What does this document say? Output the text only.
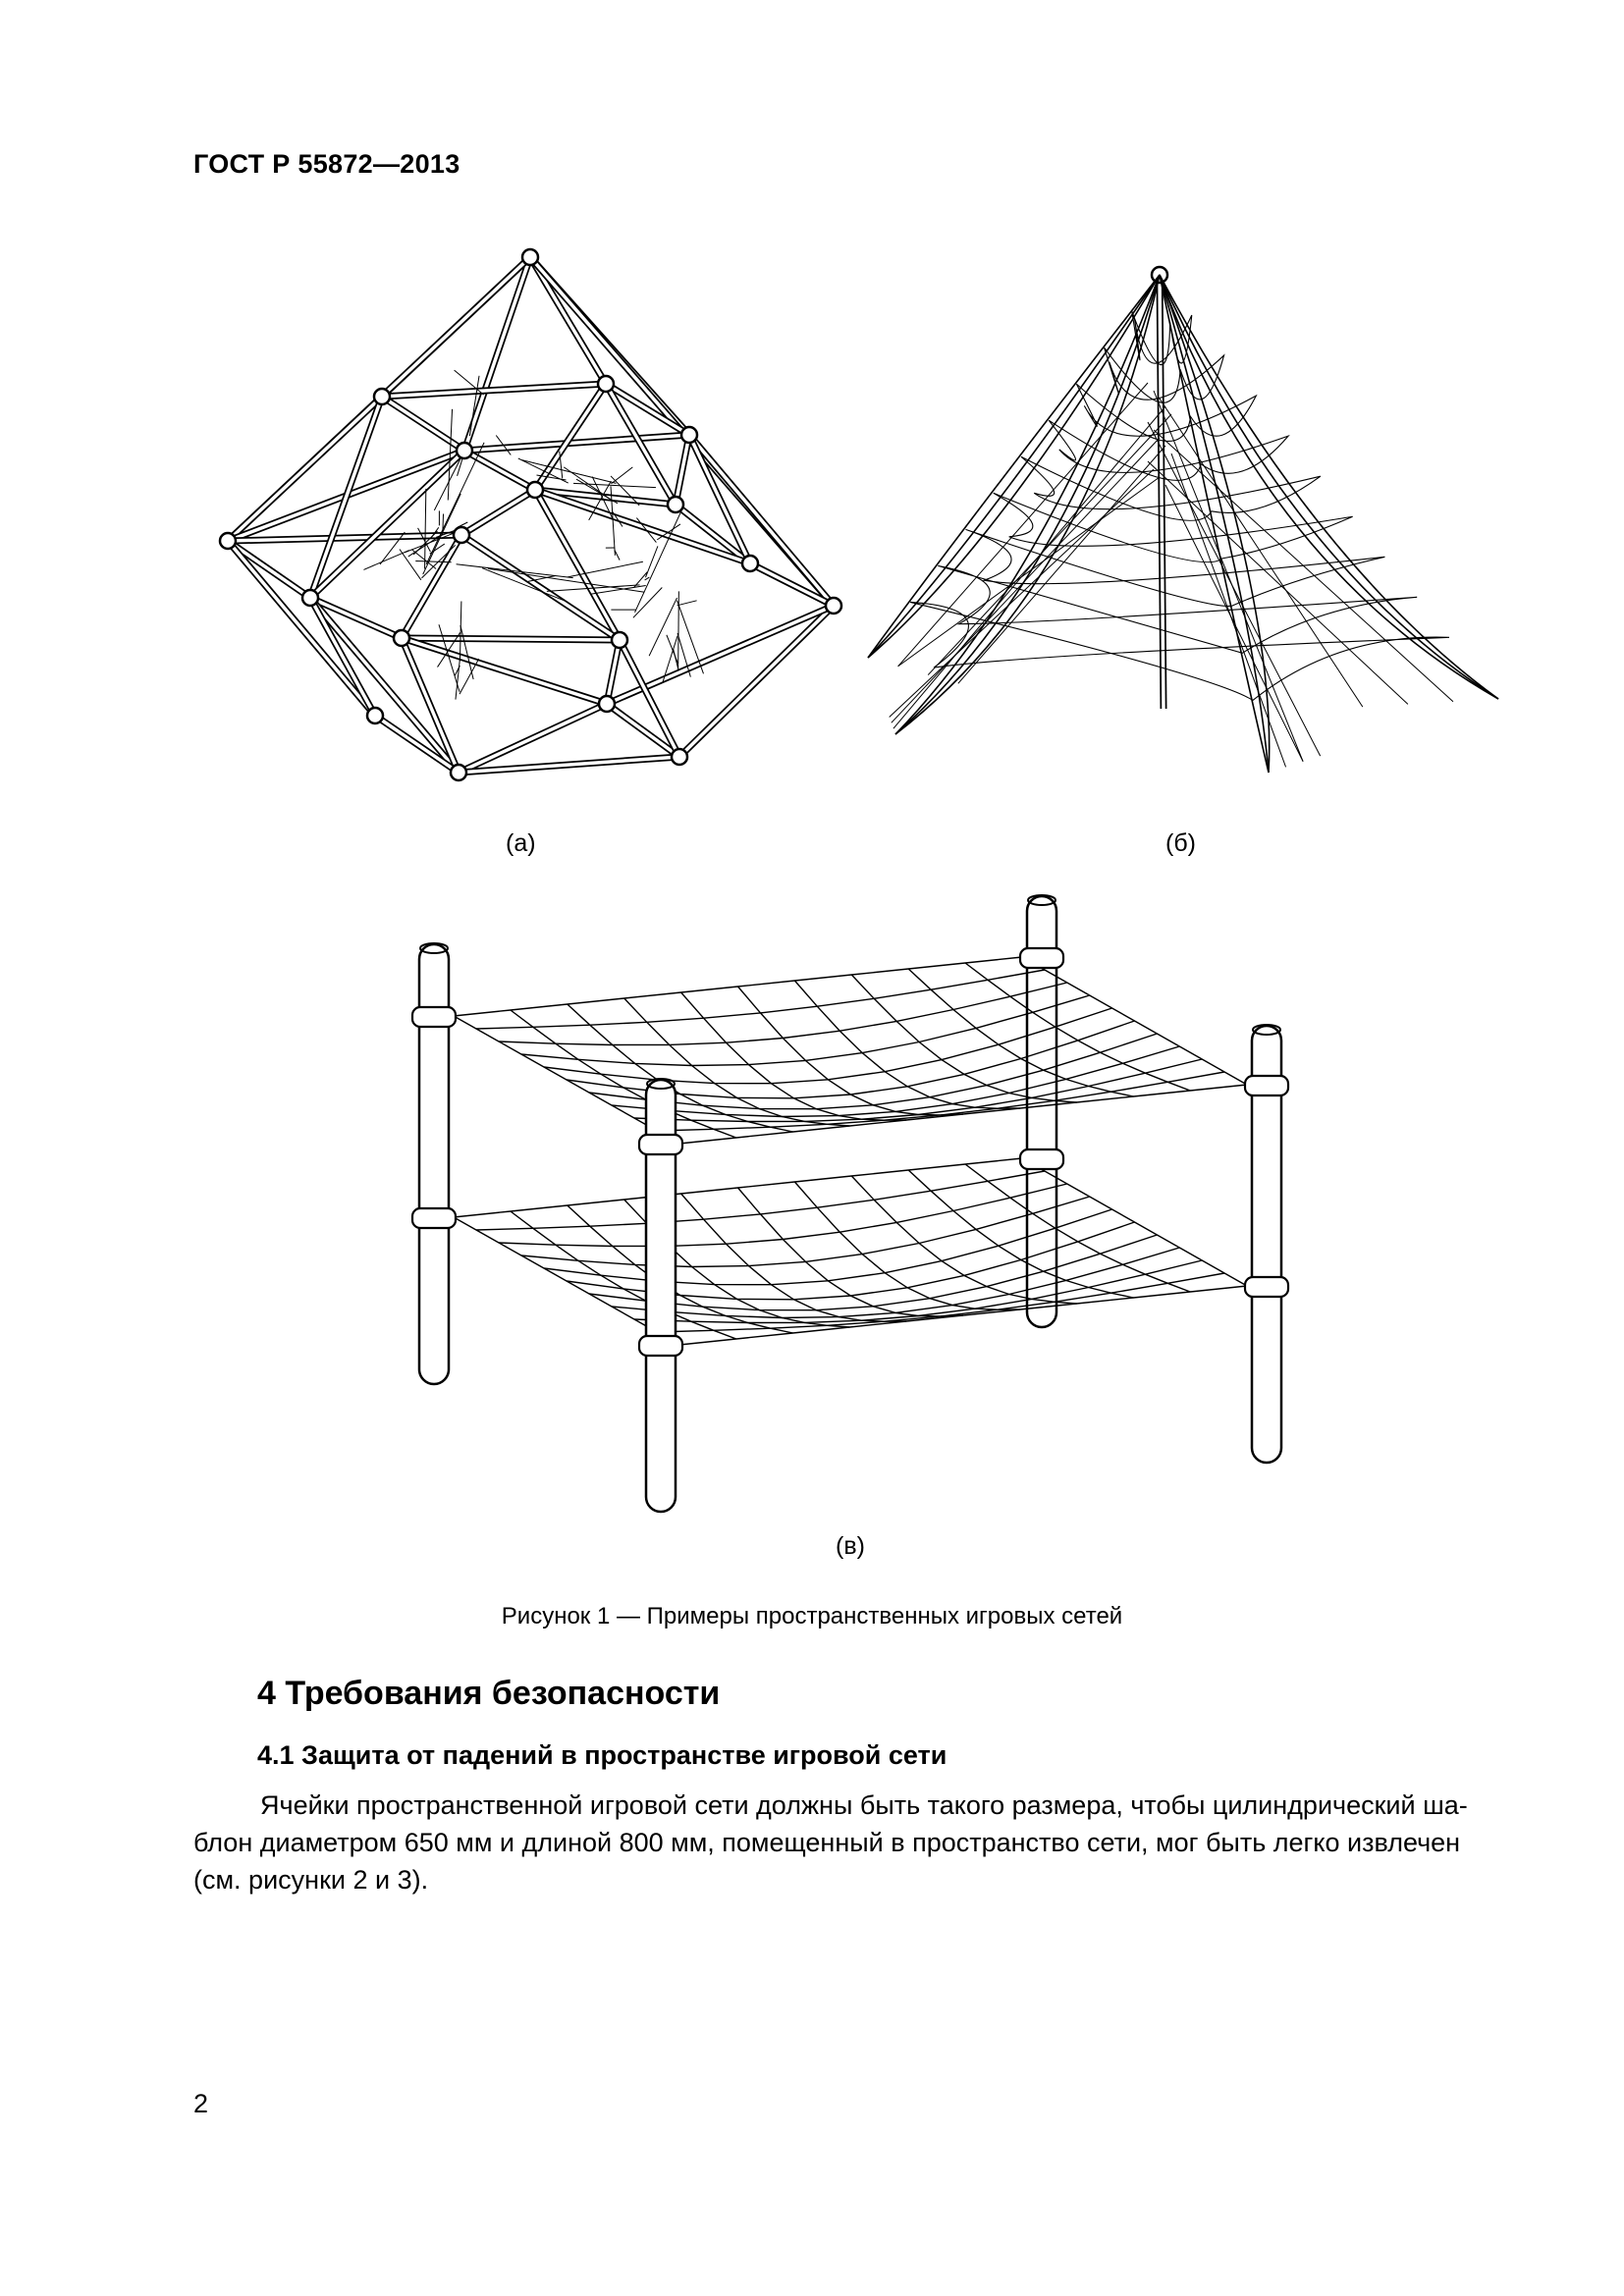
ГОСТ Р 55872—2013
(а)	(б)
(в)
Рисунок 1 — Примеры пространственных игровых сетей
4 Требования безопасности
4.1 Защита от падений в пространстве игровой сети

Ячейки пространственной игровой сети должны быть такого размера, чтобы цилиндрический ша-
блон диаметром 650 мм и длиной 800 мм, помещенный в пространство сети, мог быть легко извлечен
(см. рисунки 2 и 3).

2
